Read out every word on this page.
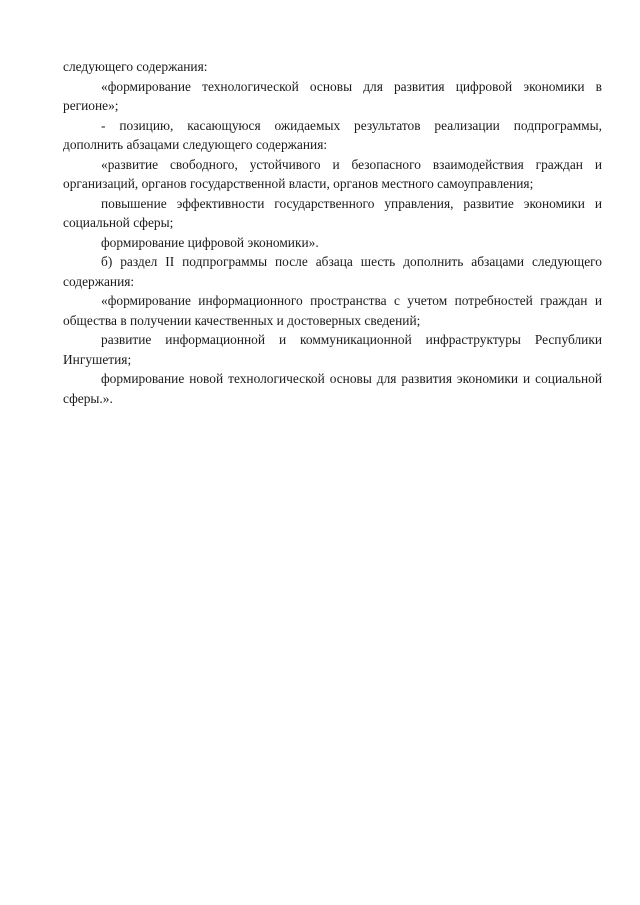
следующего содержания:

«формирование технологической основы для развития цифровой экономики в регионе»;

- позицию, касающуюся ожидаемых результатов реализации подпрограммы, дополнить абзацами следующего содержания:

«развитие свободного, устойчивого и безопасного взаимодействия граждан и организаций, органов государственной власти, органов местного самоуправления;

повышение эффективности государственного управления, развитие экономики и социальной сферы;

формирование цифровой экономики».

б) раздел II подпрограммы после абзаца шесть дополнить абзацами следующего содержания:

«формирование информационного пространства с учетом потребностей граждан и общества в получении качественных и достоверных сведений;

развитие информационной и коммуникационной инфраструктуры Республики Ингушетия;

формирование новой технологической основы для развития экономики и социальной сферы.».
